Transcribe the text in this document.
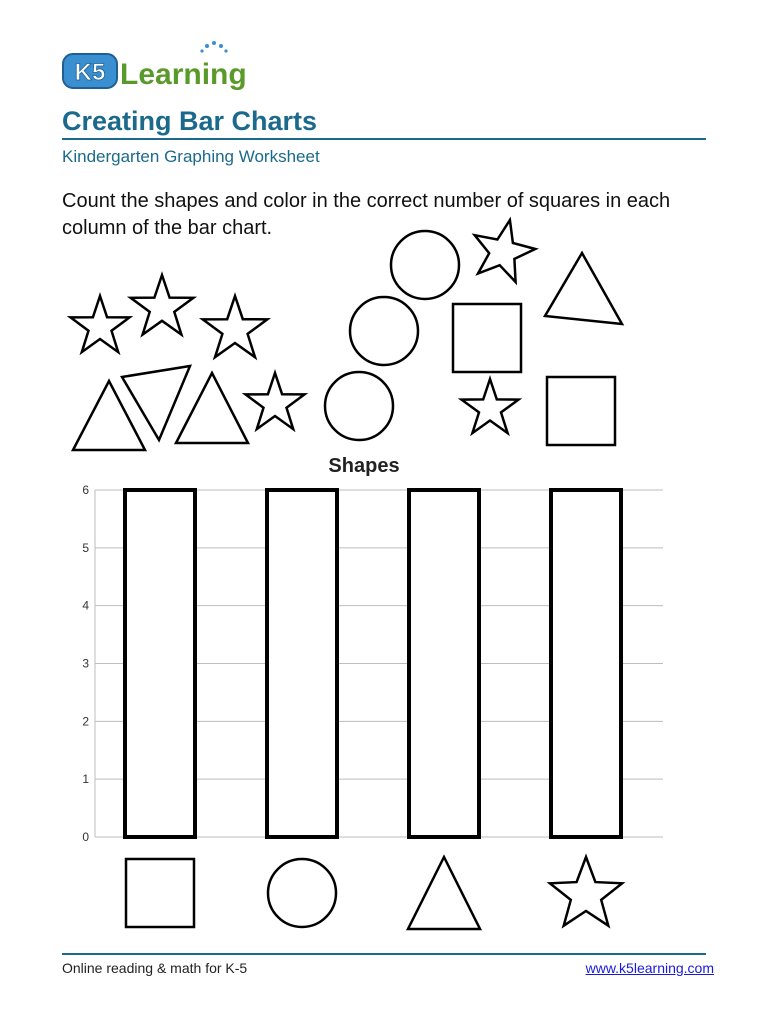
K5 Learning
Creating Bar Charts
Kindergarten Graphing Worksheet

Count the shapes and color in the correct number of squares in each column of the bar chart.

Shapes
0
1
2
3
4
5
6
Online reading & math for K-5	www.k5learning.com
